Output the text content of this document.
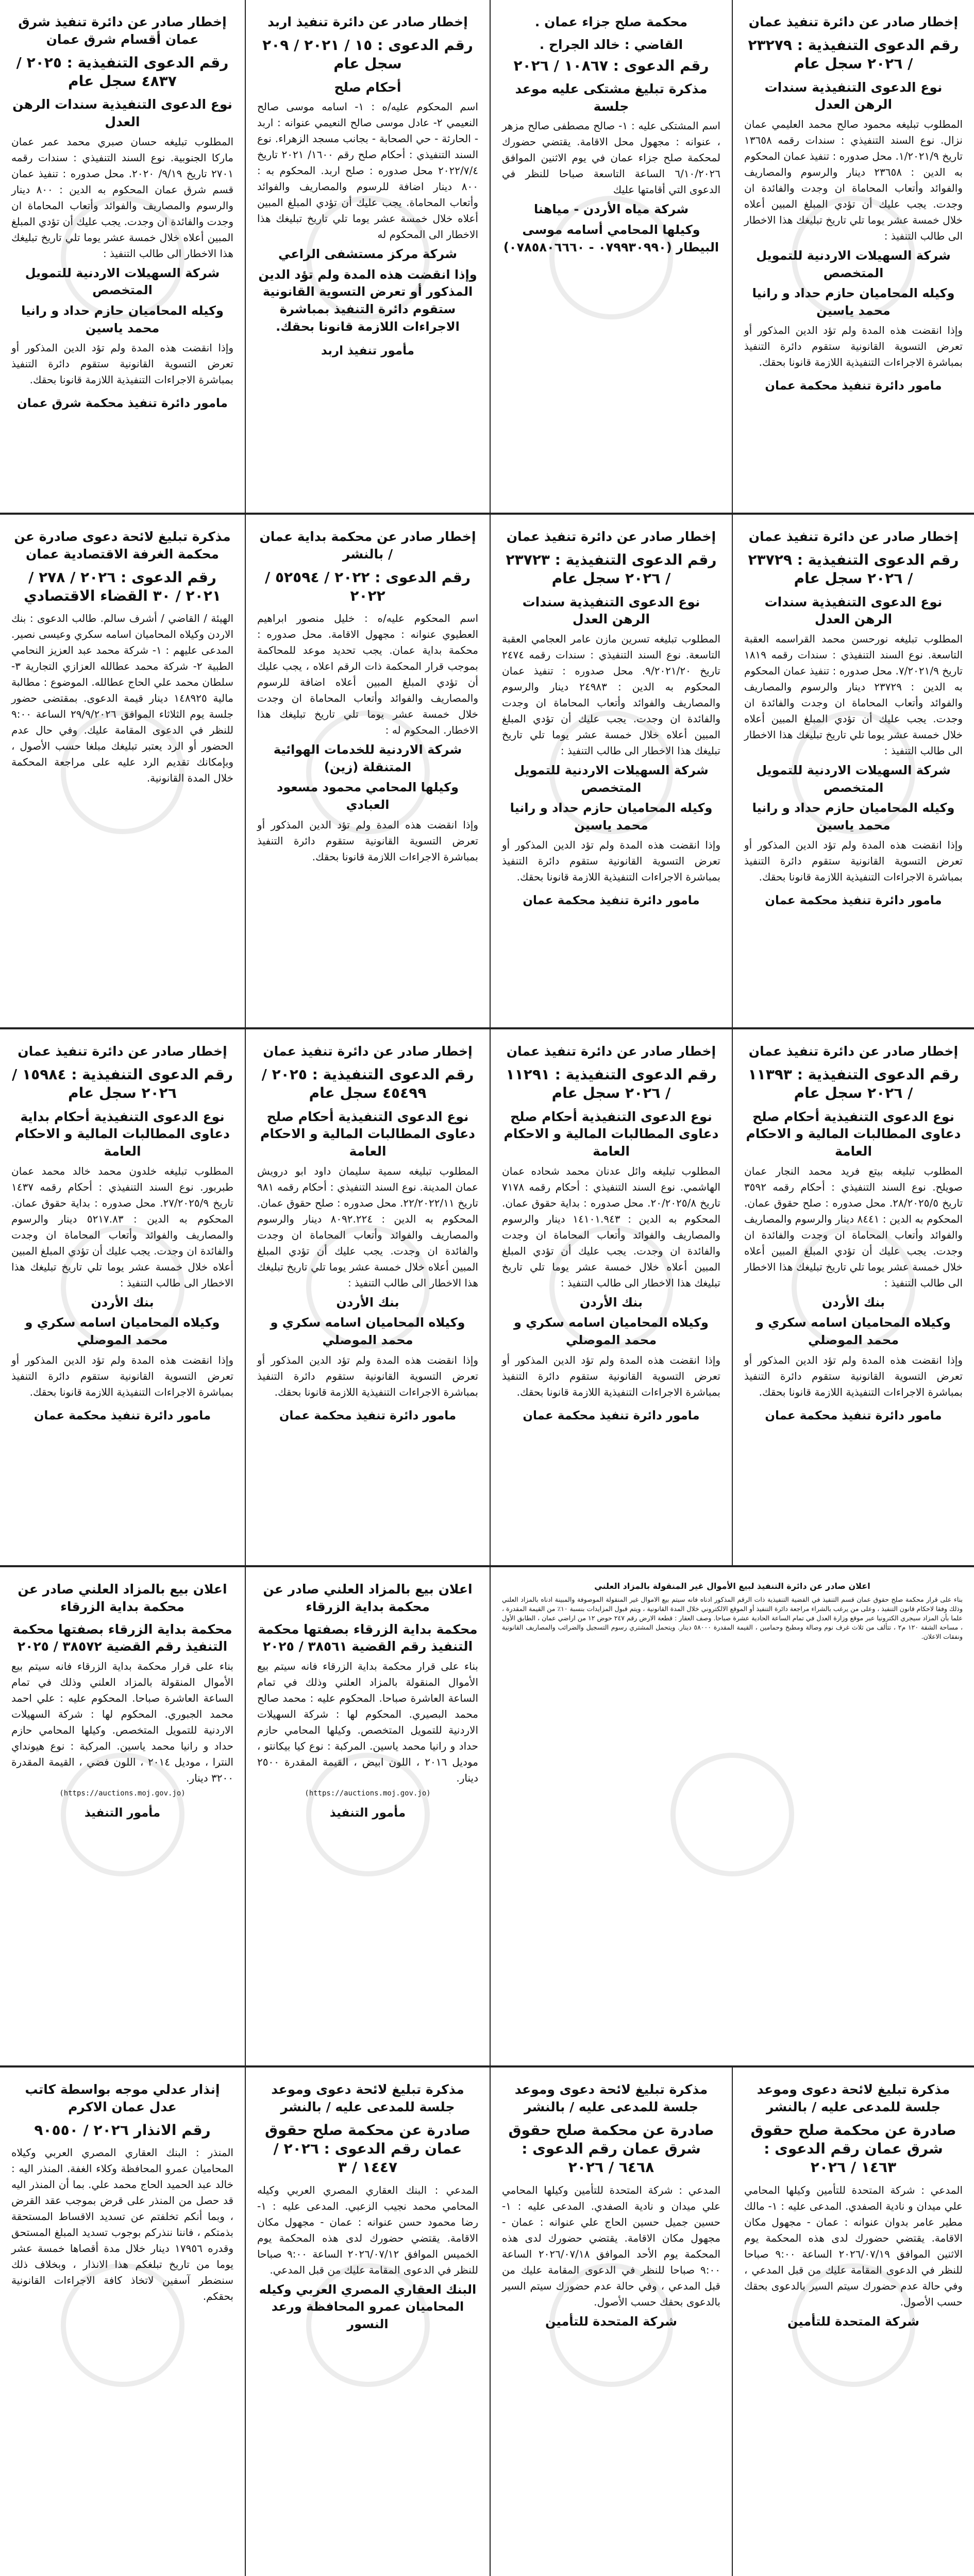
إخطار صادر عن دائرة تنفيذ عمان
رقم الدعوى التنفيذية : ٢٣٢٧٩ / ٢٠٢٦ سجل عام
نوع الدعوى التنفيذية سندات الرهن العدل
المطلوب تبليغه محمود صالح محمد العليمي عمان نزال. نوع السند التنفيذي : سندات رقمه ١٣٦٥٨ تاريخ ١/٢٠٢١/٩. محل صدوره : تنفيذ عمان المحكوم به الدين : ٢٣٦٥٨ دينار والرسوم والمصاريف والفوائد وأتعاب المحاماة ان وجدت والفائدة ان وجدت. يجب عليك أن تؤدي المبلغ المبين أعلاه خلال خمسة عشر يوما تلي تاريخ تبليغك هذا الاخطار الى طالب التنفيذ :
شركة السهيلات الاردنية للتمويل المتخصص
وكيله المحاميان حازم حداد و رانيا محمد ياسين
وإذا انقضت هذه المدة ولم تؤد الدين المذكور أو تعرض التسوية القانونية ستقوم دائرة التنفيذ بمباشرة الاجراءات التنفيذية اللازمة قانونا بحقك.
مامور دائرة تنفيذ محكمة عمان
محكمة صلح جزاء عمان .
القاضي : خالد الجراح .
رقم الدعوى : ١٠٨٦٧ / ٢٠٢٦
مذكرة تبليغ مشتكى عليه موعد جلسة
اسم المشتكى عليه : ١- صالح مصطفى صالح مزهر ، عنوانه : مجهول محل الاقامة. يقتضي حضورك لمحكمة صلح جزاء عمان في يوم الاثنين الموافق ٦/١٠/٢٠٢٦ الساعة التاسعة صباحا للنظر في الدعوى التي أقامتها عليك
شركة مياه الأردن - مياهنا
وكيلها المحامي أسامه موسى البيطار (٠٧٩٩٣٠٩٩٠ - ٠٧٨٥٨٠٦٦٦٠)
إخطار صادر عن دائرة تنفيذ اربد
رقم الدعوى : ١٥ / ٢٠٢١ / ٢٠٩ سجل عام
أحكام صلح
اسم المحكوم عليه/ه : ١- اسامه موسى صالح النعيمي ٢- عادل موسى صالح النعيمي عنوانه : اربد - الحارثة - حي الصحابة - بجانب مسجد الزهراء. نوع السند التنفيذي : أحكام صلح رقم ١٦٠٠/ ٢٠٢١ تاريخ ٢٠٢٢/٧/٤ محل صدوره : صلح اربد. المحكوم به : ٨٠٠ دينار اضافة للرسوم والمصاريف والفوائد وأتعاب المحاماة. يجب عليك أن تؤدي المبلغ المبين أعلاه خلال خمسة عشر يوما تلي تاريخ تبليغك هذا الاخطار الى المحكوم له
شركة مركز مستشفى الراعي
وإذا انقضت هذه المدة ولم تؤد الدين المذكور أو تعرض التسوية القانونية ستقوم دائرة التنفيذ بمباشرة الاجراءات اللازمة قانونا بحقك.
مأمور تنفيذ اربد
إخطار صادر عن دائرة تنفيذ شرق عمان أقسام شرق عمان
رقم الدعوى التنفيذية : ٢٠٢٥ / ٤٨٣٧ سجل عام
نوع الدعوى التنفيذية سندات الرهن العدل
المطلوب تبليغه حسان صبري محمد عمر عمان ماركا الجنوبية. نوع السند التنفيذي : سندات رقمه ٢٧٠١ تاريخ ٩/١٩/ ٢٠٢٠. محل صدوره : تنفيذ عمان قسم شرق عمان المحكوم به الدين : ٨٠٠ دينار والرسوم والمصاريف والفوائد وأتعاب المحاماة ان وجدت والفائدة ان وجدت. يجب عليك أن تؤدي المبلغ المبين أعلاه خلال خمسة عشر يوما تلي تاريخ تبليغك هذا الاخطار الى طالب التنفيذ :
شركة السهيلات الاردنية للتمويل المتخصص
وكيله المحاميان حازم حداد و رانيا محمد ياسين
وإذا انقضت هذه المدة ولم تؤد الدين المذكور أو تعرض التسوية القانونية ستقوم دائرة التنفيذ بمباشرة الاجراءات التنفيذية اللازمة قانونا بحقك.
مامور دائرة تنفيذ محكمة شرق عمان
إخطار صادر عن دائرة تنفيذ عمان
رقم الدعوى التنفيذية : ٢٣٧٢٩ / ٢٠٢٦ سجل عام
نوع الدعوى التنفيذية سندات الرهن العدل
المطلوب تبليغه نورحسن محمد القراسمه العقبة التاسعة. نوع السند التنفيذي : سندات رقمه ١٨١٩ تاريخ ٧/٢٠٢١/٩. محل صدوره : تنفيذ عمان المحكوم به الدين : ٢٣٧٢٩ دينار والرسوم والمصاريف والفوائد وأتعاب المحاماة ان وجدت والفائدة ان وجدت. يجب عليك أن تؤدي المبلغ المبين أعلاه خلال خمسة عشر يوما تلي تاريخ تبليغك هذا الاخطار الى طالب التنفيذ :
شركة السهيلات الاردنية للتمويل المتخصص
وكيله المحاميان حازم حداد و رانيا محمد ياسين
وإذا انقضت هذه المدة ولم تؤد الدين المذكور أو تعرض التسوية القانونية ستقوم دائرة التنفيذ بمباشرة الاجراءات التنفيذية اللازمة قانونا بحقك.
مامور دائرة تنفيذ محكمة عمان
إخطار صادر عن دائرة تنفيذ عمان
رقم الدعوى التنفيذية : ٢٣٧٢٣ / ٢٠٢٦ سجل عام
نوع الدعوى التنفيذية سندات الرهن العدل
المطلوب تبليغه تسرين مازن عامر العجامي العقبة التاسعة. نوع السند التنفيذي : سندات رقمه ٢٤٧٤ تاريخ ٩/٢٠٢١/٢٠. محل صدوره : تنفيذ عمان المحكوم به الدين : ٢٤٩٨٣ دينار والرسوم والمصاريف والفوائد وأتعاب المحاماة ان وجدت والفائدة ان وجدت. يجب عليك أن تؤدي المبلغ المبين أعلاه خلال خمسة عشر يوما تلي تاريخ تبليغك هذا الاخطار الى طالب التنفيذ :
شركة السهيلات الاردنية للتمويل المتخصص
وكيله المحاميان حازم حداد و رانيا محمد ياسين
وإذا انقضت هذه المدة ولم تؤد الدين المذكور أو تعرض التسوية القانونية ستقوم دائرة التنفيذ بمباشرة الاجراءات التنفيذية اللازمة قانونا بحقك.
مامور دائرة تنفيذ محكمة عمان
إخطار صادر عن محكمة بداية عمان / بالنشر
رقم الدعوى : ٢٠٢٢ / ٥٢٥٩٤ / ٢٠٢٢
اسم المحكوم عليه/ه : خليل منصور ابراهيم العطيوي عنوانه : مجهول الاقامة. محل صدوره : محكمة بداية عمان. يجب تحديد موعد للمحاكمة بموجب قرار المحكمة ذات الرقم اعلاه ، يجب عليك أن تؤدي المبلغ المبين أعلاه اضافة للرسوم والمصاريف والفوائد وأتعاب المحاماة ان وجدت خلال خمسة عشر يوما تلي تاريخ تبليغك هذا الاخطار. المحكوم له :
شركة الاردنية للخدمات الهوائية المتنقلة (زين)
وكيلها المحامي محمود مسعود العبادي
وإذا انقضت هذه المدة ولم تؤد الدين المذكور أو تعرض التسوية القانونية ستقوم دائرة التنفيذ بمباشرة الاجراءات اللازمة قانونا بحقك.
مذكرة تبليغ لائحة دعوى صادرة عن محكمة الغرفة الاقتصادية عمان
رقم الدعوى : ٢٠٢٦ / ٢٧٨ / ٢٠٢١ / ٣٠ القضاء الاقتصادي
الهيئة / القاضي / أشرف سالم. طالب الدعوى : بنك الاردن وكيلاه المحاميان اسامه سكري وعيسى نصير. المدعى عليهم : ١- شركة محمد عبد العزيز النحامي الطبية ٢- شركة محمد عطالله العزازي التجارية ٣- سلطان محمد علي الحاج عطالله. الموضوع : مطالبة مالية ١٤٨٩٢٥ دينار قيمة الدعوى. بمقتضى حضور جلسة يوم الثلاثاء الموافق ٢٩/٩/٢٠٢٦ الساعة ٩:٠٠ للنظر في الدعوى المقامة عليك. وفي حال عدم الحضور أو الرد يعتبر تبليغك مبلغا حسب الأصول ، وبإمكانك تقديم الرد عليه على مراجعة المحكمة خلال المدة القانونية.
إخطار صادر عن دائرة تنفيذ عمان
رقم الدعوى التنفيذية : ١١٣٩٣ / ٢٠٢٦ سجل عام
نوع الدعوى التنفيذية أحكام صلح دعاوى المطالبات المالية و الاحكام العامة
المطلوب تبليغه بيتع فريد محمد النجار عمان صويلح. نوع السند التنفيذي : أحكام رقمه ٣٥٩٢ تاريخ ٢٨/٢٠٢٥/٥. محل صدوره : صلح حقوق عمان. المحكوم به الدين : ٨٤٤١ دينار والرسوم والمصاريف والفوائد وأتعاب المحاماة ان وجدت والفائدة ان وجدت. يجب عليك أن تؤدي المبلغ المبين أعلاه خلال خمسة عشر يوما تلي تاريخ تبليغك هذا الاخطار الى طالب التنفيذ :
بنك الأردن
وكيلاه المحاميان اسامه سكري و محمد الموصلي
وإذا انقضت هذه المدة ولم تؤد الدين المذكور أو تعرض التسوية القانونية ستقوم دائرة التنفيذ بمباشرة الاجراءات التنفيذية اللازمة قانونا بحقك.
مامور دائرة تنفيذ محكمة عمان
إخطار صادر عن دائرة تنفيذ عمان
رقم الدعوى التنفيذية : ١١٢٩١ / ٢٠٢٦ سجل عام
نوع الدعوى التنفيذية أحكام صلح دعاوى المطالبات المالية و الاحكام العامة
المطلوب تبليغه وائل عدنان محمد شحاده عمان الهاشمي. نوع السند التنفيذي : أحكام رقمه ٧١٧٨ تاريخ ٢٠/٢٠٢٥/٨. محل صدوره : بداية حقوق عمان. المحكوم به الدين : ١٤١٠١.٩٤٣ دينار والرسوم والمصاريف والفوائد وأتعاب المحاماة ان وجدت والفائدة ان وجدت. يجب عليك أن تؤدي المبلغ المبين أعلاه خلال خمسة عشر يوما تلي تاريخ تبليغك هذا الاخطار الى طالب التنفيذ :
بنك الأردن
وكيلاه المحاميان اسامه سكري و محمد الموصلي
وإذا انقضت هذه المدة ولم تؤد الدين المذكور أو تعرض التسوية القانونية ستقوم دائرة التنفيذ بمباشرة الاجراءات التنفيذية اللازمة قانونا بحقك.
مامور دائرة تنفيذ محكمة عمان
إخطار صادر عن دائرة تنفيذ عمان
رقم الدعوى التنفيذية : ٢٠٢٥ / ٤٥٤٩٩ سجل عام
نوع الدعوى التنفيذية أحكام صلح دعاوى المطالبات المالية و الاحكام العامة
المطلوب تبليغه سمية سليمان داود ابو درويش عمان المدينة. نوع السند التنفيذي : أحكام رقمه ٩٨١ تاريخ ٢٢/٢٠٢٢/١١. محل صدوره : صلح حقوق عمان. المحكوم به الدين : ٨٠٩٢.٢٢٤ دينار والرسوم والمصاريف والفوائد وأتعاب المحاماة ان وجدت والفائدة ان وجدت. يجب عليك أن تؤدي المبلغ المبين أعلاه خلال خمسة عشر يوما تلي تاريخ تبليغك هذا الاخطار الى طالب التنفيذ :
بنك الأردن
وكيلاه المحاميان اسامه سكري و محمد الموصلي
وإذا انقضت هذه المدة ولم تؤد الدين المذكور أو تعرض التسوية القانونية ستقوم دائرة التنفيذ بمباشرة الاجراءات التنفيذية اللازمة قانونا بحقك.
مامور دائرة تنفيذ محكمة عمان
إخطار صادر عن دائرة تنفيذ عمان
رقم الدعوى التنفيذية : ١٥٩٨٤ / ٢٠٢٦ سجل عام
نوع الدعوى التنفيذية أحكام بداية دعاوى المطالبات المالية و الاحكام العامة
المطلوب تبليغه خلدون محمد خالد محمد عمان طبربور. نوع السند التنفيذي : أحكام رقمه ١٤٣٧ تاريخ ٢٧/٢٠٢٥/٩. محل صدوره : بداية حقوق عمان. المحكوم به الدين : ٥٢١٧.٨٣ دينار والرسوم والمصاريف والفوائد وأتعاب المحاماة ان وجدت والفائدة ان وجدت. يجب عليك أن تؤدي المبلغ المبين أعلاه خلال خمسة عشر يوما تلي تاريخ تبليغك هذا الاخطار الى طالب التنفيذ :
بنك الأردن
وكيلاه المحاميان اسامه سكري و محمد الموصلي
وإذا انقضت هذه المدة ولم تؤد الدين المذكور أو تعرض التسوية القانونية ستقوم دائرة التنفيذ بمباشرة الاجراءات التنفيذية اللازمة قانونا بحقك.
مامور دائرة تنفيذ محكمة عمان
مذكرة تبليغ لائحة دعوى وموعد جلسة للمدعى عليه / بالنشر
صادرة عن محكمة صلح حقوق شرق عمان رقم الدعوى : ١٤٦٣ / ٢٠٢٦
المدعي : شركة المتحدة للتأمين وكيلها المحامي علي ميدان و نادية الصفدي. المدعى عليه : ١- مالك مطير عامر بدوان عنوانه : عمان - مجهول مكان الاقامة. يقتضي حضورك لدى هذه المحكمة يوم الاثنين الموافق ٢٠٢٦/٠٧/١٩ الساعة ٩:٠٠ صباحا للنظر في الدعوى المقامة عليك من قبل المدعي ، وفي حالة عدم حضورك سيتم السير بالدعوى بحقك حسب الأصول.
شركة المتحدة للتأمين
مذكرة تبليغ لائحة دعوى وموعد جلسة للمدعى عليه / بالنشر
صادرة عن محكمة صلح حقوق شرق عمان رقم الدعوى : ٦٤٦٨ / ٢٠٢٦
المدعي : شركة المتحدة للتأمين وكيلها المحامي علي ميدان و نادية الصفدي. المدعى عليه : ١- حسين جميل حسين الحاج علي عنوانه : عمان - مجهول مكان الاقامة. يقتضي حضورك لدى هذه المحكمة يوم الأحد الموافق ٢٠٢٦/٠٧/١٨ الساعة ٩:٠٠ صباحا للنظر في الدعوى المقامة عليك من قبل المدعي ، وفي حالة عدم حضورك سيتم السير بالدعوى بحقك حسب الأصول.
شركة المتحدة للتأمين
مذكرة تبليغ لائحة دعوى وموعد جلسة للمدعى عليه / بالنشر
صادرة عن محكمة صلح حقوق عمان رقم الدعوى : ٢٠٢٦ / ١٤٤٧ / ٣
المدعي : البنك العقاري المصري العربي وكيله المحامي محمد نجيب الزعبي. المدعى عليه : ١- رضا محمود حسن عنوانه : عمان - مجهول مكان الاقامة. يقتضي حضورك لدى هذه المحكمة يوم الخميس الموافق ٢٠٢٦/٠٧/١٢ الساعة ٩:٠٠ صباحا للنظر في الدعوى المقامة عليك من قبل المدعي.
البنك العقاري المصري العربي وكيله المحاميان عمرو المحافظة ورعد النسور
إنذار عدلي موجه بواسطة كاتب عدل عمان الاكرم
رقم الانذار ٢٠٢٦ / ٩٠٥٥٠
المنذر : البنك العقاري المصري العربي وكيلاه المحاميان عمرو المحافظة وكلاء الغفة. المنذر اليه : خالد عبد الحميد الحاج محمد علي. بما أن المنذر اليه قد حصل من المنذر على قرض بموجب عقد القرض ، وبما أنكم تخلفتم عن تسديد الاقساط المستحقة بذمتكم ، فاننا ننذركم بوجوب تسديد المبلغ المستحق وقدره ١٧٩٥٦ دينار خلال مدة أقصاها خمسة عشر يوما من تاريخ تبلغكم هذا الانذار ، وبخلاف ذلك سنضطر آسفين لاتخاذ كافة الاجراءات القانونية بحقكم.
اعلان صادر عن دائرة التنفيذ لبيع الأموال غير المنقولة بالمزاد العلني
بناء على قرار محكمة صلح حقوق عمان قسم التنفيذ في القضية التنفيذية ذات الرقم المذكور ادناه فانه سيتم بيع الاموال غير المنقولة الموصوفة والمبينة ادناه بالمزاد العلني وذلك وفقا لاحكام قانون التنفيذ ، وعلى من يرغب بالشراء مراجعة دائرة التنفيذ أو الموقع الالكتروني خلال المدة القانونية ، ويتم قبول المزايدات بنسبة ١٠٪ من القيمة المقدرة ، علما بأن المزاد سيجري الكترونيا عبر موقع وزارة العدل في تمام الساعة الحادية عشرة صباحا. وصف العقار : قطعة الارض رقم ٢٤٧ حوض ١٢ من اراضي عمان ، الطابق الأول ، مساحة الشقة ١٢٠ م٢ ، تتألف من ثلاث غرف نوم وصالة ومطبخ وحمامين ، القيمة المقدرة ٥٨٠٠٠ دينار. ويتحمل المشتري رسوم التسجيل والضرائب والمصاريف القانونية ونفقات الاعلان.
اعلان بيع بالمزاد العلني صادر عن محكمة بداية الزرقاء
محكمة بداية الزرقاء بصفتها محكمة التنفيذ رقم القضية ٣٨٥٦١ / ٢٠٢٥
بناء على قرار محكمة بداية الزرقاء فانه سيتم بيع الأموال المنقولة بالمزاد العلني وذلك في تمام الساعة العاشرة صباحا. المحكوم عليه : محمد صالح محمد البصيري. المحكوم لها : شركة السهيلات الاردنية للتمويل المتخصص. وكيلها المحامي حازم حداد و رانيا محمد ياسين. المركبة : نوع كيا بيكانتو ، موديل ٢٠١٦ ، اللون ابيض ، القيمة المقدرة ٢٥٠٠ دينار.
(https://auctions.moj.gov.jo)
مأمور التنفيذ
اعلان بيع بالمزاد العلني صادر عن محكمة بداية الزرقاء
محكمة بداية الزرقاء بصفتها محكمة التنفيذ رقم القضية ٣٨٥٧٢ / ٢٠٢٥
بناء على قرار محكمة بداية الزرقاء فانه سيتم بيع الأموال المنقولة بالمزاد العلني وذلك في تمام الساعة العاشرة صباحا. المحكوم عليه : علي احمد محمد الجبوري. المحكوم لها : شركة السهيلات الاردنية للتمويل المتخصص. وكيلها المحامي حازم حداد و رانيا محمد ياسين. المركبة : نوع هيونداي النترا ، موديل ٢٠١٤ ، اللون فضي ، القيمة المقدرة ٣٢٠٠ دينار.
(https://auctions.moj.gov.jo)
مأمور التنفيذ
